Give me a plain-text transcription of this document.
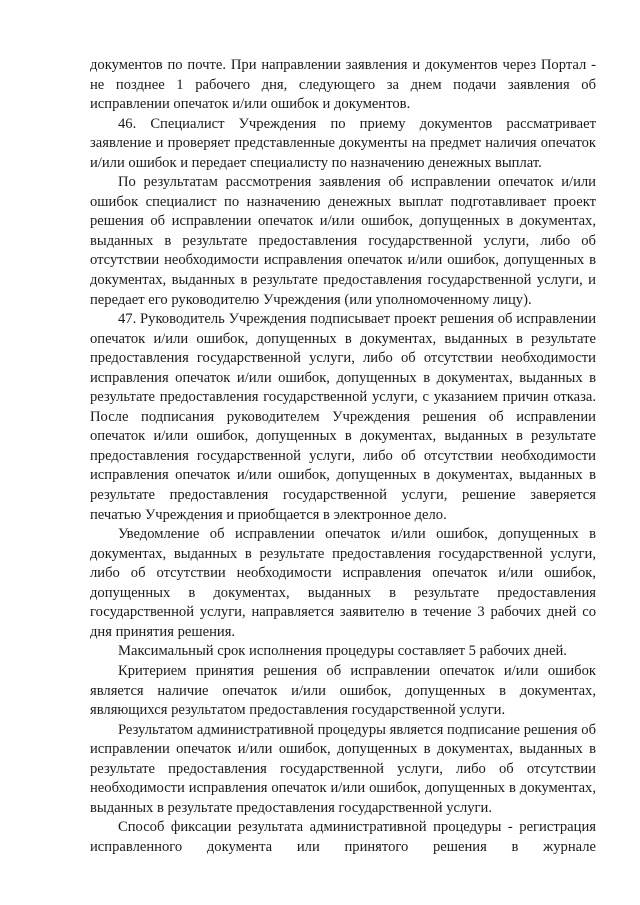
документов по почте. При направлении заявления и документов через Портал - не позднее 1 рабочего дня, следующего за днем подачи заявления об исправлении опечаток и/или ошибок и документов.

46. Специалист Учреждения по приему документов рассматривает заявление и проверяет представленные документы на предмет наличия опечаток и/или ошибок и передает специалисту по назначению денежных выплат.

По результатам рассмотрения заявления об исправлении опечаток и/или ошибок специалист по назначению денежных выплат подготавливает проект решения об исправлении опечаток и/или ошибок, допущенных в документах, выданных в результате предоставления государственной услуги, либо об отсутствии необходимости исправления опечаток и/или ошибок, допущенных в документах, выданных в результате предоставления государственной услуги, и передает его руководителю Учреждения (или уполномоченному лицу).

47. Руководитель Учреждения подписывает проект решения об исправлении опечаток и/или ошибок, допущенных в документах, выданных в результате предоставления государственной услуги, либо об отсутствии необходимости исправления опечаток и/или ошибок, допущенных в документах, выданных в результате предоставления государственной услуги, с указанием причин отказа. После подписания руководителем Учреждения решения об исправлении опечаток и/или ошибок, допущенных в документах, выданных в результате предоставления государственной услуги, либо об отсутствии необходимости исправления опечаток и/или ошибок, допущенных в документах, выданных в результате предоставления государственной услуги, решение заверяется печатью Учреждения и приобщается в электронное дело.

Уведомление об исправлении опечаток и/или ошибок, допущенных в документах, выданных в результате предоставления государственной услуги, либо об отсутствии необходимости исправления опечаток и/или ошибок, допущенных в документах, выданных в результате предоставления государственной услуги, направляется заявителю в течение 3 рабочих дней со дня принятия решения.

Максимальный срок исполнения процедуры составляет 5 рабочих дней.

Критерием принятия решения об исправлении опечаток и/или ошибок является наличие опечаток и/или ошибок, допущенных в документах, являющихся результатом предоставления государственной услуги.

Результатом административной процедуры является подписание решения об исправлении опечаток и/или ошибок, допущенных в документах, выданных в результате предоставления государственной услуги, либо об отсутствии необходимости исправления опечаток и/или ошибок, допущенных в документах, выданных в результате предоставления государственной услуги.

Способ фиксации результата административной процедуры - регистрация исправленного документа или принятого решения в журнале
